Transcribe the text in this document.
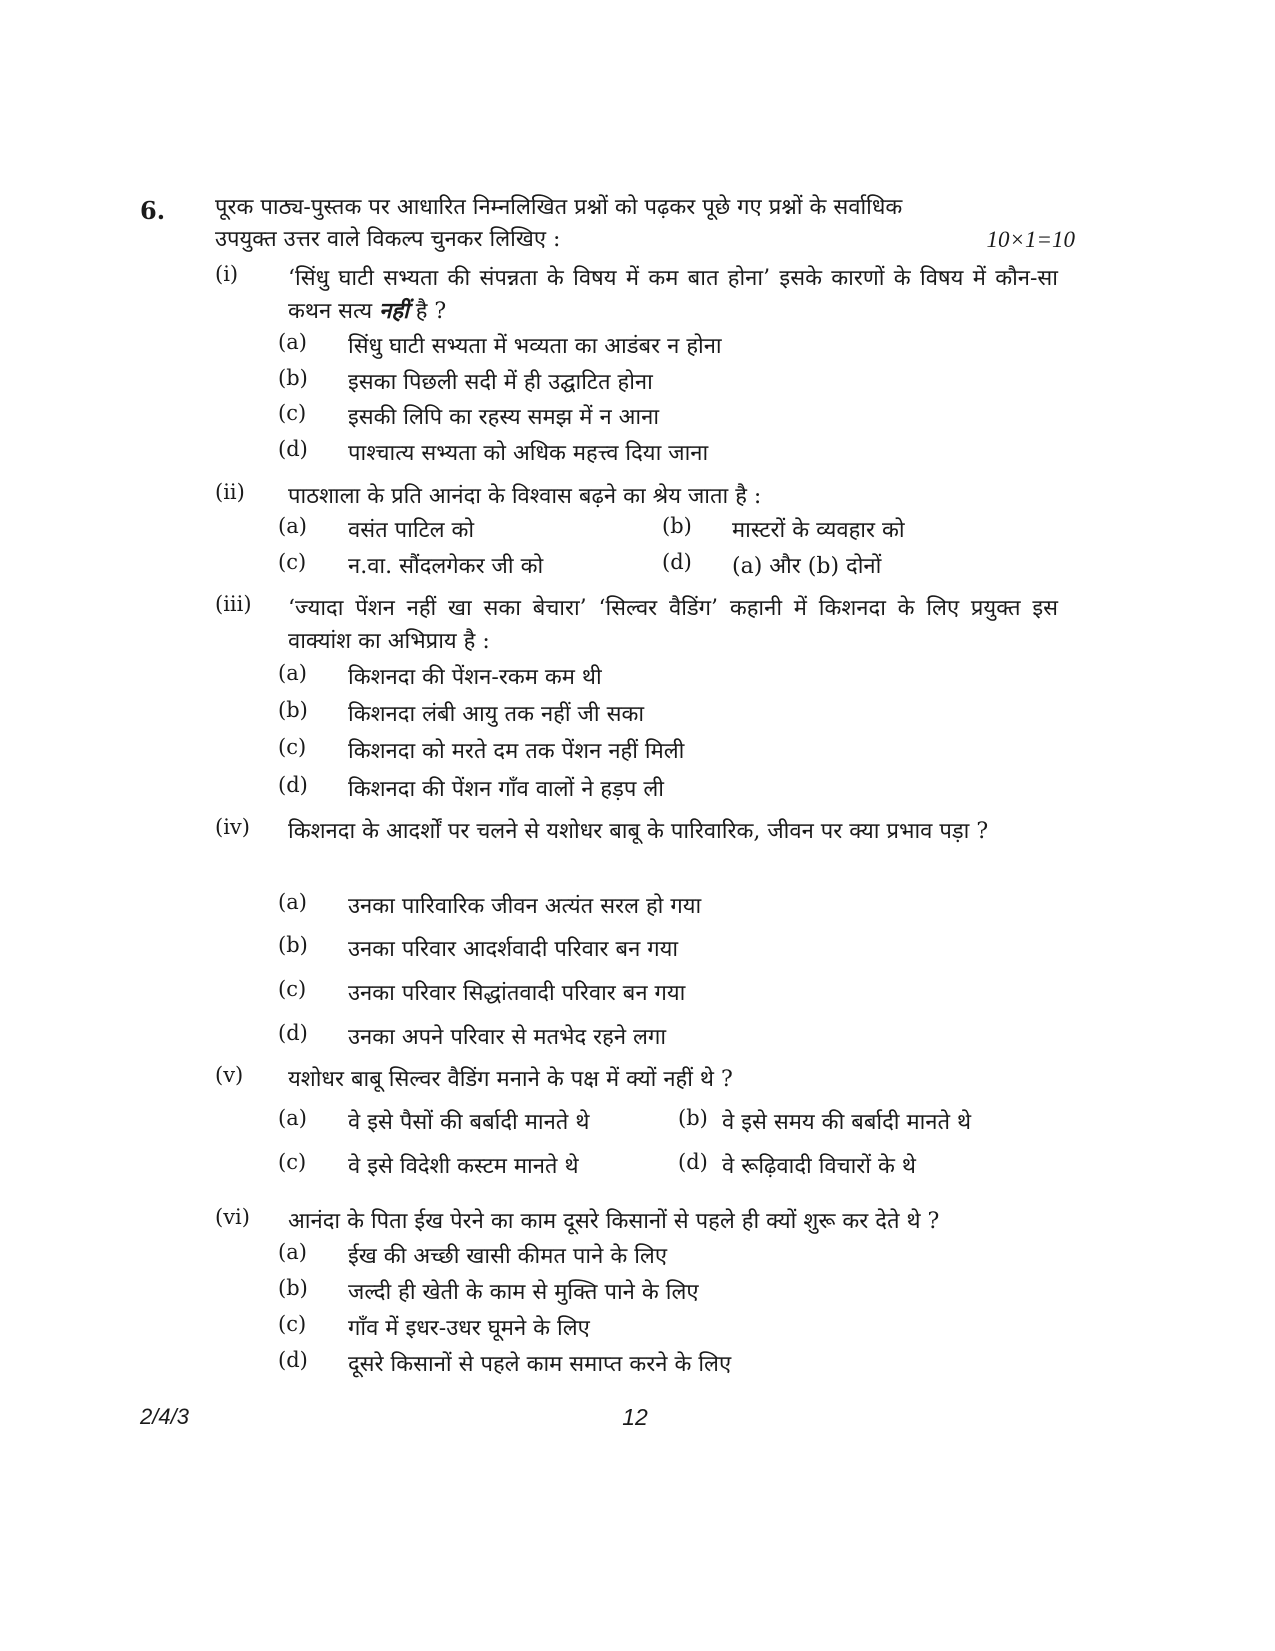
6. पूरक पाठ्य-पुस्तक पर आधारित निम्नलिखित प्रश्नों को पढ़कर पूछे गए प्रश्नों के सर्वाधिक
उपयुक्त उत्तर वाले विकल्प चुनकर लिखिए :	10×1=10
(i) ‘सिंधु घाटी सभ्यता की संपन्नता के विषय में कम बात होना’ इसके कारणों के विषय में कौन-सा कथन सत्य नहीं है ?
(a) सिंधु घाटी सभ्यता में भव्यता का आडंबर न होना
(b) इसका पिछली सदी में ही उद्घाटित होना
(c) इसकी लिपि का रहस्य समझ में न आना
(d) पाश्चात्य सभ्यता को अधिक महत्त्व दिया जाना
(ii) पाठशाला के प्रति आनंदा के विश्वास बढ़ने का श्रेय जाता है :
(a) वसंत पाटिल को	(b) मास्टरों के व्यवहार को
(c) न.वा. सौंदलगेकर जी को	(d) (a) और (b) दोनों
(iii) ‘ज्यादा पेंशन नहीं खा सका बेचारा’ ‘सिल्वर वैडिंग’ कहानी में किशनदा के लिए प्रयुक्त इस वाक्यांश का अभिप्राय है :
(a) किशनदा की पेंशन-रकम कम थी
(b) किशनदा लंबी आयु तक नहीं जी सका
(c) किशनदा को मरते दम तक पेंशन नहीं मिली
(d) किशनदा की पेंशन गाँव वालों ने हड़प ली
(iv) किशनदा के आदर्शों पर चलने से यशोधर बाबू के पारिवारिक, जीवन पर क्या प्रभाव पड़ा ?
(a) उनका पारिवारिक जीवन अत्यंत सरल हो गया
(b) उनका परिवार आदर्शवादी परिवार बन गया
(c) उनका परिवार सिद्धांतवादी परिवार बन गया
(d) उनका अपने परिवार से मतभेद रहने लगा
(v) यशोधर बाबू सिल्वर वैडिंग मनाने के पक्ष में क्यों नहीं थे ?
(a) वे इसे पैसों की बर्बादी मानते थे	(b) वे इसे समय की बर्बादी मानते थे
(c) वे इसे विदेशी कस्टम मानते थे	(d) वे रूढ़िवादी विचारों के थे
(vi) आनंदा के पिता ईख पेरने का काम दूसरे किसानों से पहले ही क्यों शुरू कर देते थे ?
(a) ईख की अच्छी खासी कीमत पाने के लिए
(b) जल्दी ही खेती के काम से मुक्ति पाने के लिए
(c) गाँव में इधर-उधर घूमने के लिए
(d) दूसरे किसानों से पहले काम समाप्त करने के लिए
2/4/3	12
